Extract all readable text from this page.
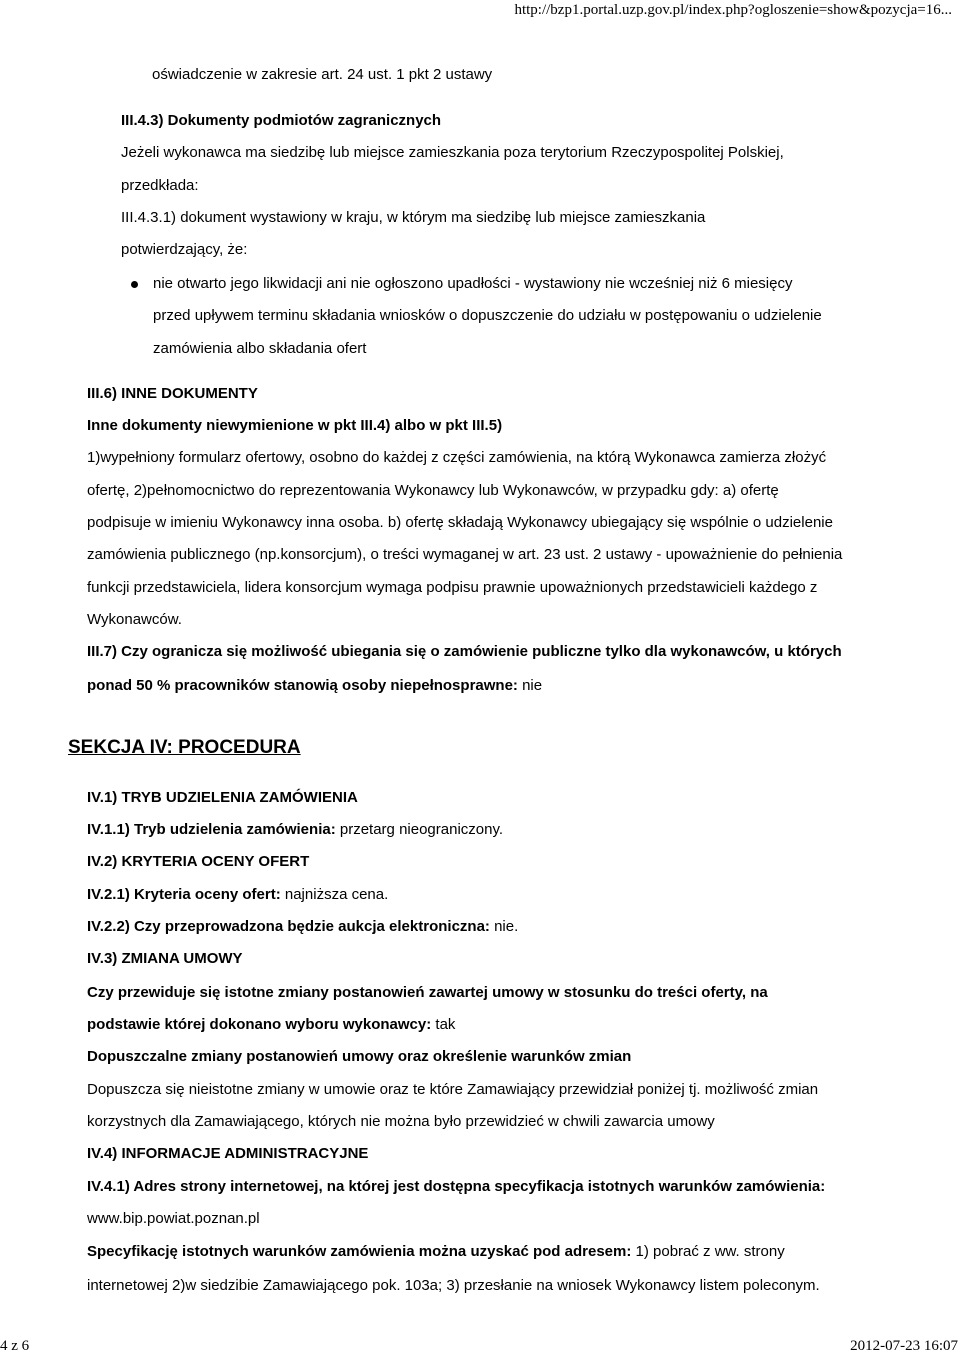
http://bzp1.portal.uzp.gov.pl/index.php?ogloszenie=show&pozycja=16...
oświadczenie w zakresie art. 24 ust. 1 pkt 2 ustawy
III.4.3) Dokumenty podmiotów zagranicznych
Jeżeli wykonawca ma siedzibę lub miejsce zamieszkania poza terytorium Rzeczypospolitej Polskiej,
przedkłada:
III.4.3.1) dokument wystawiony w kraju, w którym ma siedzibę lub miejsce zamieszkania
potwierdzający, że:
nie otwarto jego likwidacji ani nie ogłoszono upadłości - wystawiony nie wcześniej niż 6 miesięcy
przed upływem terminu składania wniosków o dopuszczenie do udziału w postępowaniu o udzielenie
zamówienia albo składania ofert
III.6) INNE DOKUMENTY
Inne dokumenty niewymienione w pkt III.4) albo w pkt III.5)
1)wypełniony formularz ofertowy, osobno do każdej z części zamówienia, na którą Wykonawca zamierza złożyć
ofertę, 2)pełnomocnictwo do reprezentowania Wykonawcy lub Wykonawców, w przypadku gdy: a) ofertę
podpisuje w imieniu Wykonawcy inna osoba. b) ofertę składają Wykonawcy ubiegający się wspólnie o udzielenie
zamówienia publicznego (np.konsorcjum), o treści wymaganej w art. 23 ust. 2 ustawy - upoważnienie do pełnienia
funkcji przedstawiciela, lidera konsorcjum wymaga podpisu prawnie upoważnionych przedstawicieli każdego z
Wykonawców.
III.7) Czy ogranicza się możliwość ubiegania się o zamówienie publiczne tylko dla wykonawców, u których
ponad 50 % pracowników stanowią osoby niepełnosprawne: nie
SEKCJA IV: PROCEDURA
IV.1) TRYB UDZIELENIA ZAMÓWIENIA
IV.1.1) Tryb udzielenia zamówienia: przetarg nieograniczony.
IV.2) KRYTERIA OCENY OFERT
IV.2.1) Kryteria oceny ofert: najniższa cena.
IV.2.2) Czy przeprowadzona będzie aukcja elektroniczna: nie.
IV.3) ZMIANA UMOWY
Czy przewiduje się istotne zmiany postanowień zawartej umowy w stosunku do treści oferty, na
podstawie której dokonano wyboru wykonawcy: tak
Dopuszczalne zmiany postanowień umowy oraz określenie warunków zmian
Dopuszcza się nieistotne zmiany w umowie oraz te które Zamawiający przewidział poniżej tj. możliwość zmian
korzystnych dla Zamawiającego, których nie można było przewidzieć w chwili zawarcia umowy
IV.4) INFORMACJE ADMINISTRACYJNE
IV.4.1) Adres strony internetowej, na której jest dostępna specyfikacja istotnych warunków zamówienia:
www.bip.powiat.poznan.pl
Specyfikację istotnych warunków zamówienia można uzyskać pod adresem: 1) pobrać z ww. strony
internetowej 2)w siedzibie Zamawiającego pok. 103a; 3) przesłanie na wniosek Wykonawcy listem poleconym.
4 z 6	2012-07-23 16:07
